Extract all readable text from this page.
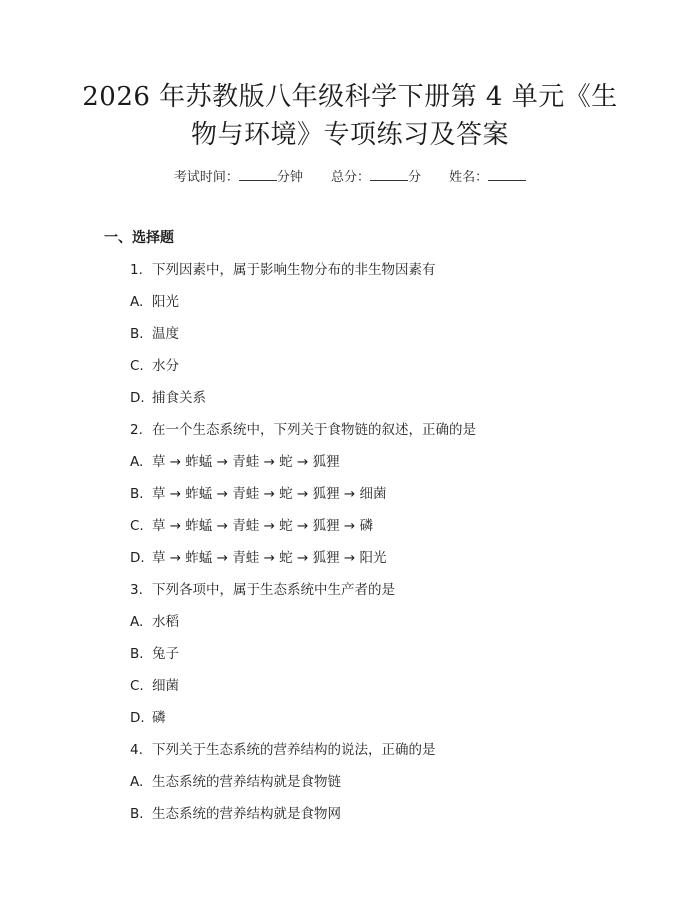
2026 年苏教版八年级科学下册第 4 单元《生物与环境》专项练习及答案
考试时间：	分钟 总分：	分 姓名：
一、选择题
1. 下列因素中，属于影响生物分布的非生物因素有
A. 阳光
B. 温度
C. 水分
D. 捕食关系
2. 在一个生态系统中，下列关于食物链的叙述，正确的是
A. 草 → 蚱蜢 → 青蛙 → 蛇 → 狐狸
B. 草 → 蚱蜢 → 青蛙 → 蛇 → 狐狸 → 细菌
C. 草 → 蚱蜢 → 青蛙 → 蛇 → 狐狸 → 磷
D. 草 → 蚱蜢 → 青蛙 → 蛇 → 狐狸 → 阳光
3. 下列各项中，属于生态系统中生产者的是
A. 水稻
B. 兔子
C. 细菌
D. 磷
4. 下列关于生态系统的营养结构的说法，正确的是
A. 生态系统的营养结构就是食物链
B. 生态系统的营养结构就是食物网
